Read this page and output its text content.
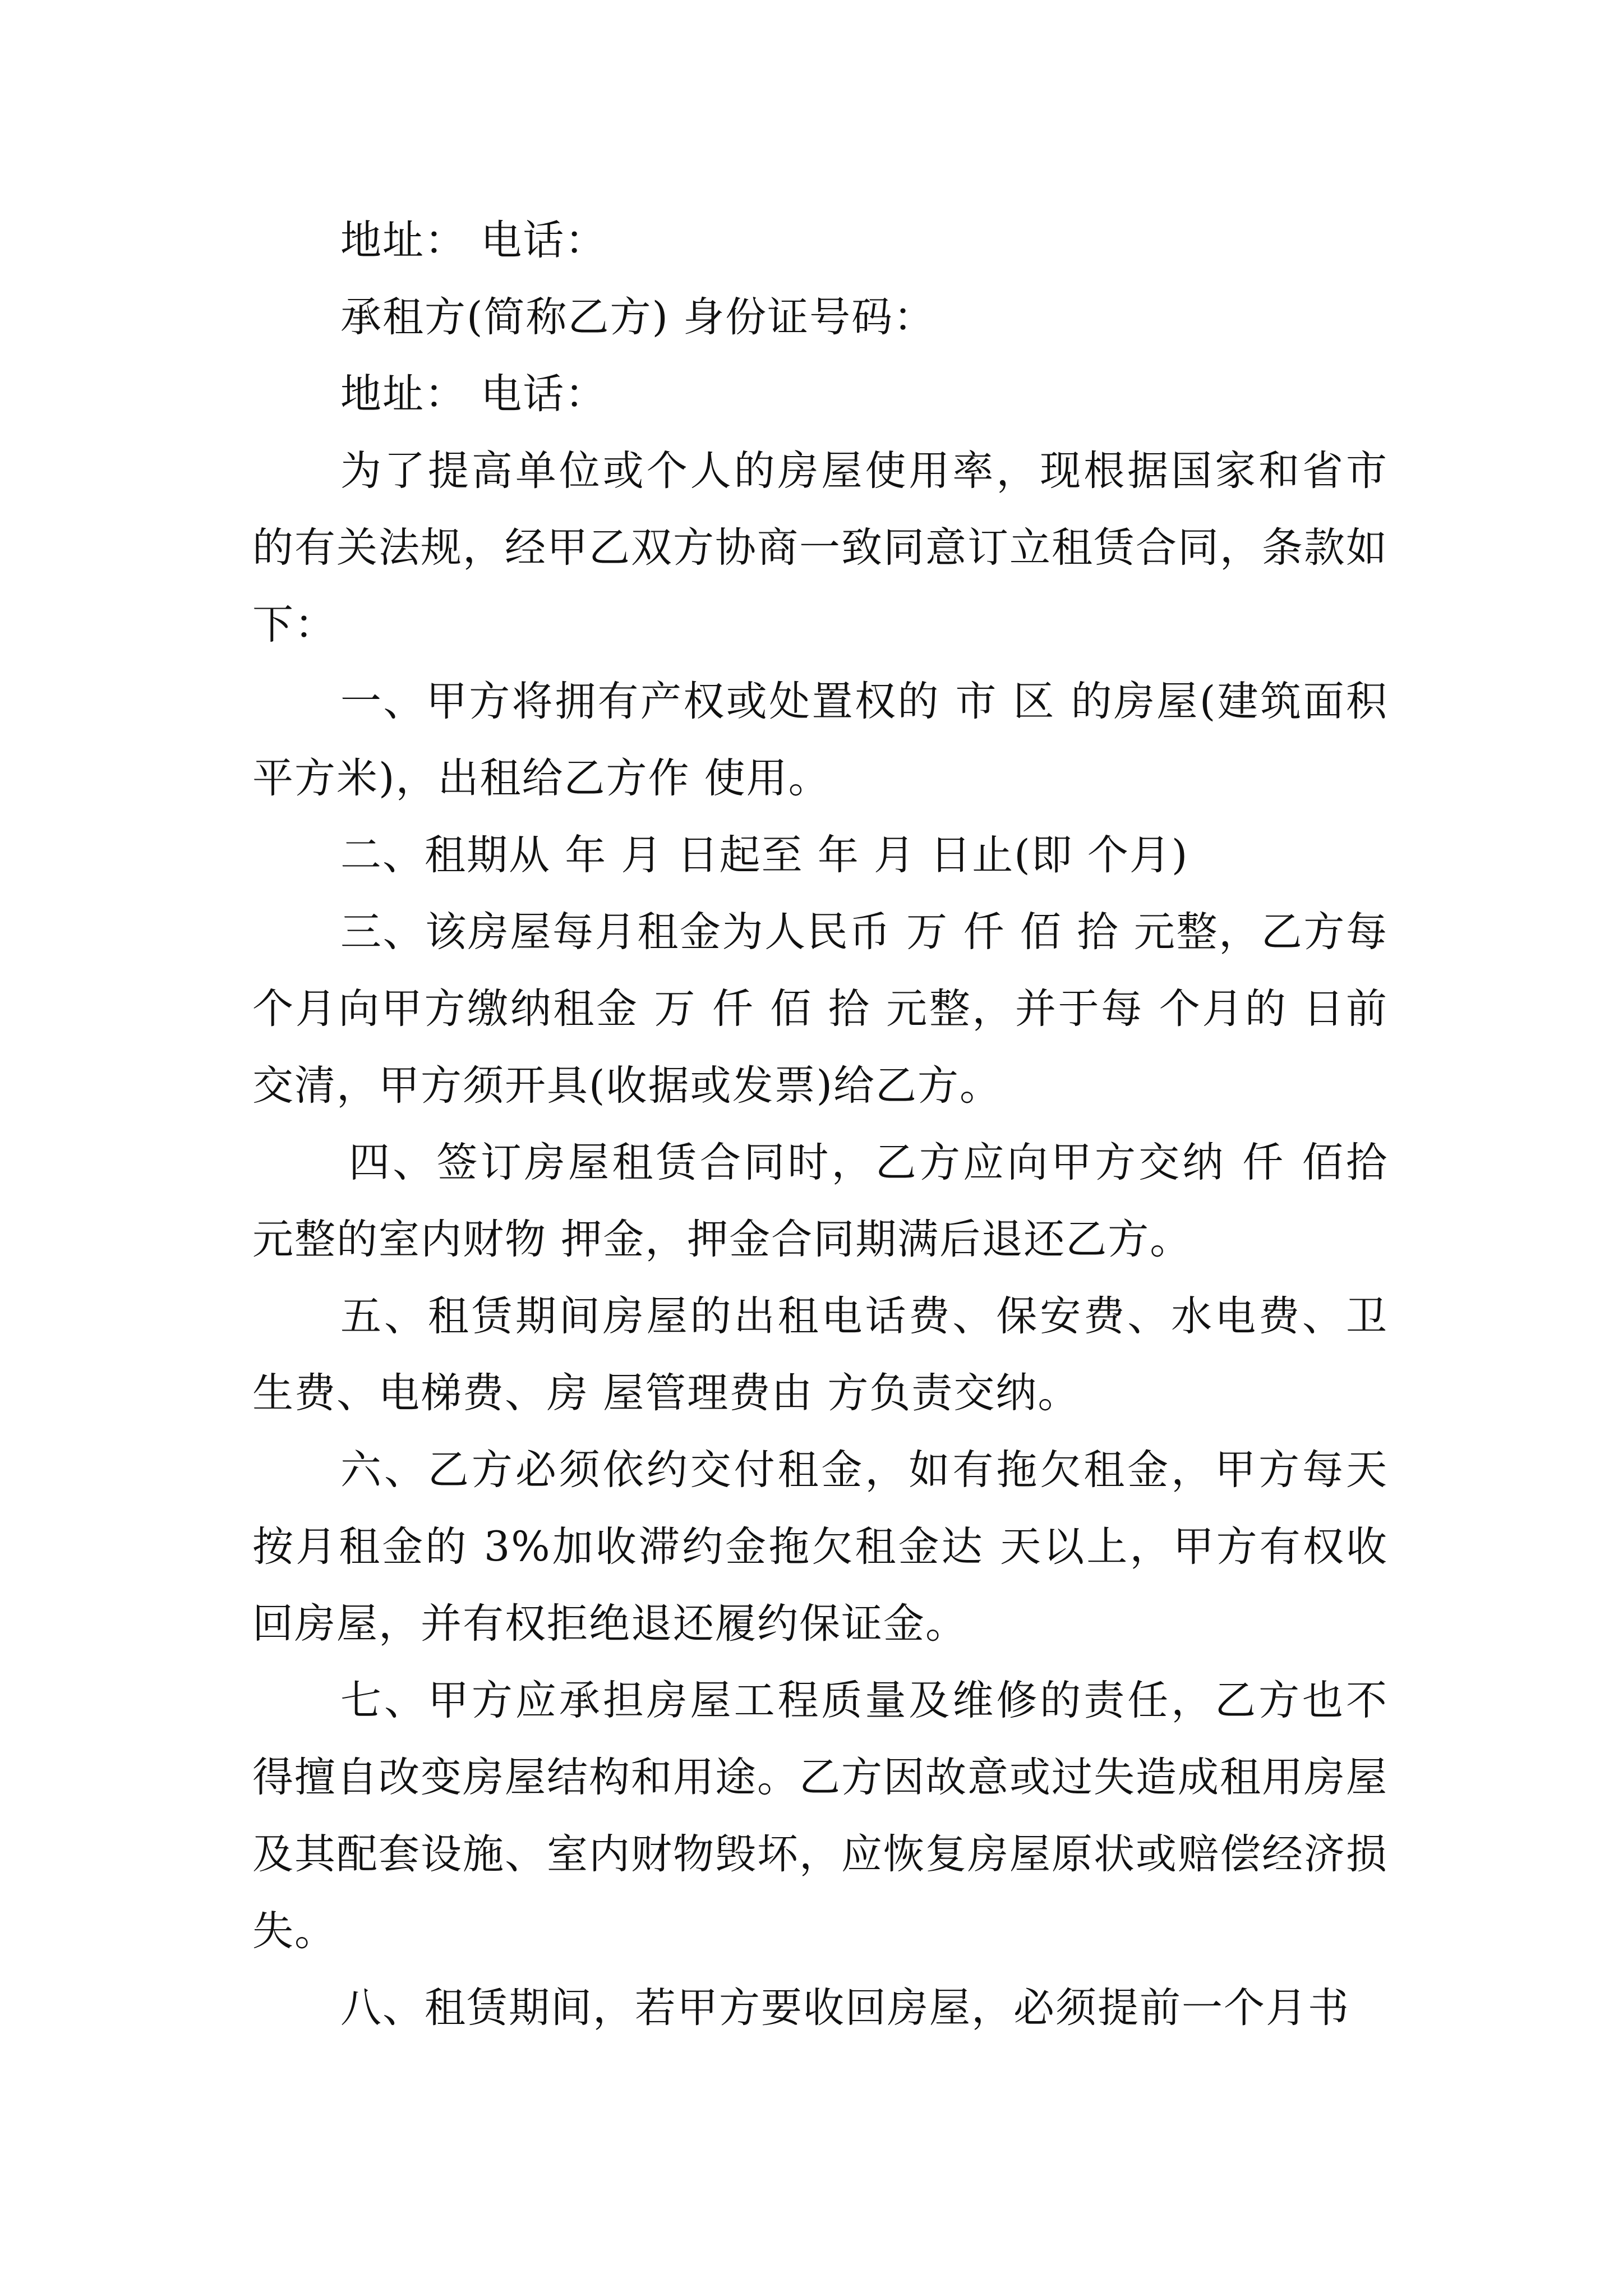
地址： 电话：

承租方(简称乙方) 身份证号码：

地址： 电话：

为了提高单位或个人的房屋使用率，现根据国家和省市的有关法规，经甲乙双方协商一致同意订立租赁合同，条款如下：

一、甲方将拥有产权或处置权的 市 区 的房屋(建筑面积 平方米)，出租给乙方作 使用。

二、租期从 年 月 日起至 年 月 日止(即 个月)

三、该房屋每月租金为人民币 万 仟 佰 拾 元整，乙方每 个月向甲方缴纳租金 万 仟 佰 拾 元整，并于每 个月的 日前交清，甲方须开具(收据或发票)给乙方。

四、签订房屋租赁合同时，乙方应向甲方交纳 仟 佰拾 元整的室内财物 押金，押金合同期满后退还乙方。

五、租赁期间房屋的出租电话费、保安费、水电费、卫生费、电梯费、房 屋管理费由 方负责交纳。

六、乙方必须依约交付租金，如有拖欠租金，甲方每天按月租金的 3%加收滞约金拖欠租金达 天以上，甲方有权收回房屋，并有权拒绝退还履约保证金。

七、甲方应承担房屋工程质量及维修的责任，乙方也不得擅自改变房屋结构和用途。乙方因故意或过失造成租用房屋及其配套设施、室内财物毁坏，应恢复房屋原状或赔偿经济损失。

八、租赁期间，若甲方要收回房屋，必须提前一个月书
